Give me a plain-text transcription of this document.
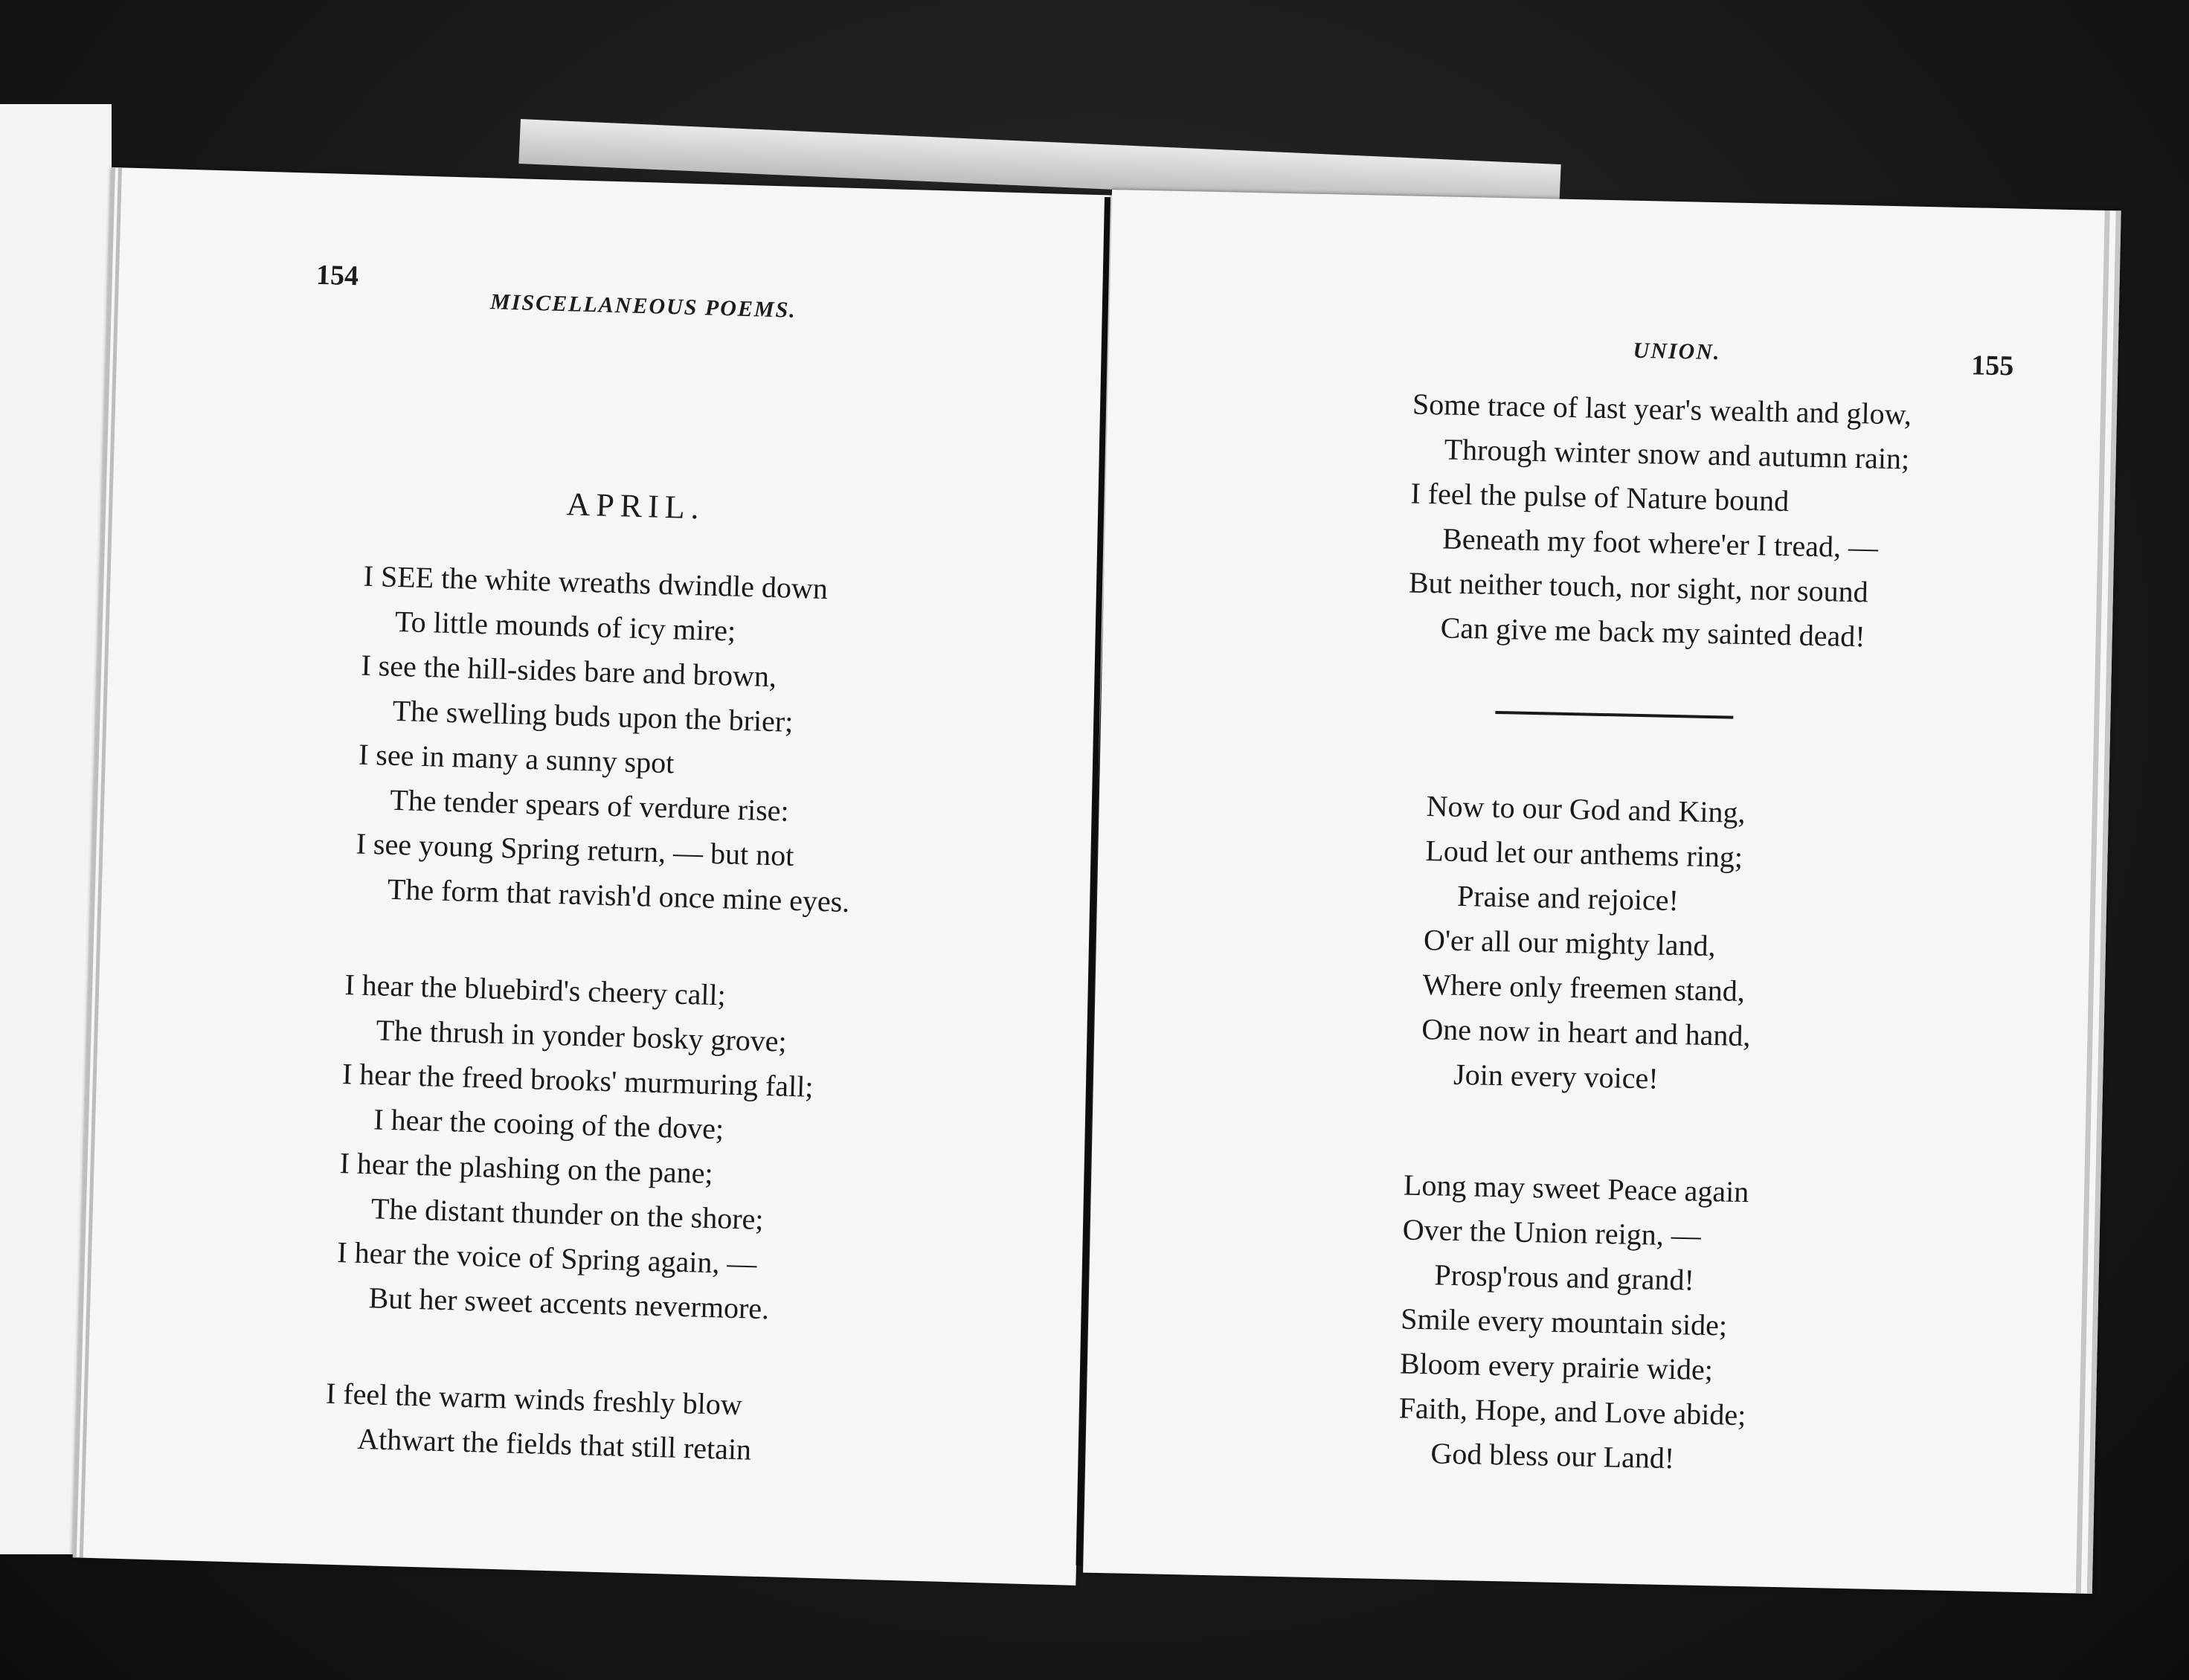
154
MISCELLANEOUS POEMS.
APRIL.
I SEE the white wreaths dwindle down
To little mounds of icy mire;
I see the hill-sides bare and brown,
The swelling buds upon the brier;
I see in many a sunny spot
The tender spears of verdure rise:
I see young Spring return, — but not
The form that ravish'd once mine eyes.
I hear the bluebird's cheery call;
The thrush in yonder bosky grove;
I hear the freed brooks' murmuring fall;
I hear the cooing of the dove;
I hear the plashing on the pane;
The distant thunder on the shore;
I hear the voice of Spring again, —
But her sweet accents nevermore.
I feel the warm winds freshly blow
Athwart the fields that still retain
UNION.	155
Some trace of last year's wealth and glow,
Through winter snow and autumn rain;
I feel the pulse of Nature bound
Beneath my foot where'er I tread, —
But neither touch, nor sight, nor sound
Can give me back my sainted dead!
Now to our God and King,
Loud let our anthems ring;
Praise and rejoice!
O'er all our mighty land,
Where only freemen stand,
One now in heart and hand,
Join every voice!
Long may sweet Peace again
Over the Union reign, —
Prosp'rous and grand!
Smile every mountain side;
Bloom every prairie wide;
Faith, Hope, and Love abide;
God bless our Land!
